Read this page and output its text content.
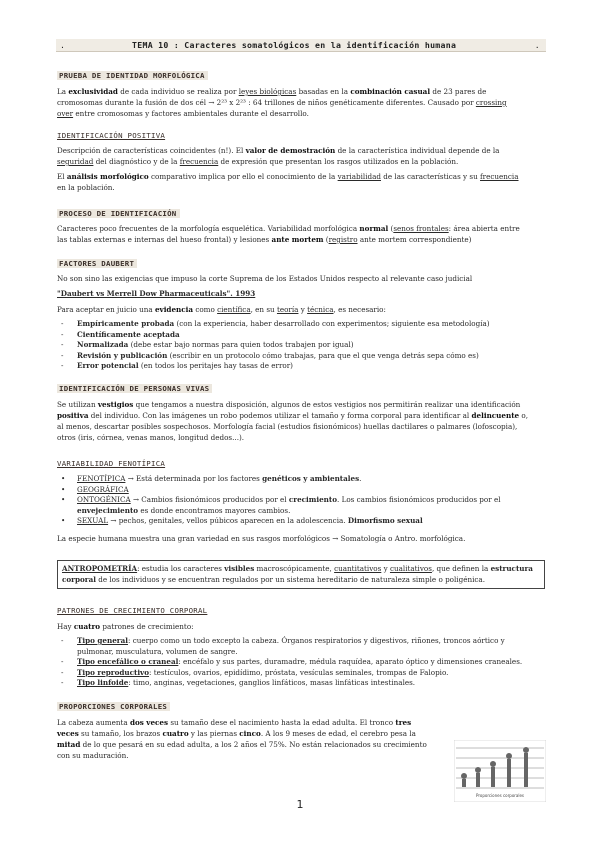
.	TEMA 10 : Caracteres somatológicos en la identificación humana	.
PRUEBA DE IDENTIDAD MORFOLÓGICA
La exclusividad de cada individuo se realiza por leyes biológicas basadas en la combinación casual de 23 pares de
cromosomas durante la fusión de dos cél → 2²³ x 2²³ : 64 trillones de niños genéticamente diferentes. Causado por crossing
over entre cromosomas y factores ambientales durante el desarrollo.
IDENTIFICACIÓN POSITIVA
Descripción de características coincidentes (n!). El valor de demostración de la característica individual depende de la
seguridad del diagnóstico y de la frecuencia de expresión que presentan los rasgos utilizados en la población.
El análisis morfológico comparativo implica por ello el conocimiento de la variabilidad de las características y su frecuencia
en la población.
PROCESO DE IDENTIFICACIÓN
Caracteres poco frecuentes de la morfología esquelética. Variabilidad morfológica normal (senos frontales: área abierta entre
las tablas externas e internas del hueso frontal) y lesiones ante mortem (registro ante mortem correspondiente)
FACTORES DAUBERT
No son sino las exigencias que impuso la corte Suprema de los Estados Unidos respecto al relevante caso judicial
"Daubert vs Merrell Dow Pharmaceuticals". 1993
Para aceptar en juicio una evidencia como científica, en su teoría y técnica, es necesario:
- Empíricamente probada (con la experiencia, haber desarrollado con experimentos; siguiente esa metodología)
- Científicamente aceptada
- Normalizada (debe estar bajo normas para quien todos trabajen por igual)
- Revisión y publicación (escribir en un protocolo cómo trabajas, para que el que venga detrás sepa cómo es)
- Error potencial (en todos los peritajes hay tasas de error)
IDENTIFICACIÓN DE PERSONAS VIVAS
Se utilizan vestigios que tengamos a nuestra disposición, algunos de estos vestigios nos permitirán realizar una identificación
positiva del individuo. Con las imágenes un robo podemos utilizar el tamaño y forma corporal para identificar al delincuente o,
al menos, descartar posibles sospechosos. Morfología facial (estudios fisionómicos) huellas dactilares o palmares (lofoscopia),
otros (iris, córnea, venas manos, longitud dedos...).
VARIABILIDAD FENOTÍPICA
• FENOTÍPICA → Está determinada por los factores genéticos y ambientales.
• GEOGRÁFICA
• ONTOGÉNICA → Cambios fisionómicos producidos por el crecimiento. Los cambios fisionómicos producidos por el
envejecimiento es donde encontramos mayores cambios.
• SEXUAL → pechos, genitales, vellos púbicos aparecen en la adolescencia. Dimorfismo sexual
La especie humana muestra una gran variedad en sus rasgos morfológicos → Somatología o Antro. morfológica.
ANTROPOMETRÍA: estudia los caracteres visibles macroscópicamente, cuantitativos y cualitativos, que definen la estructura corporal de los individuos y se encuentran regulados por un sistema hereditario de naturaleza simple o poligénica.
PATRONES DE CRECIMIENTO CORPORAL
Hay cuatro patrones de crecimiento:
- Tipo general: cuerpo como un todo excepto la cabeza. Órganos respiratorios y digestivos, riñones, troncos aórtico y
pulmonar, musculatura, volumen de sangre.
- Tipo encefálico o craneal: encéfalo y sus partes, duramadre, médula raquídea, aparato óptico y dimensiones craneales.
- Tipo reproductivo: testículos, ovarios, epidídimo, próstata, vesículas seminales, trompas de Falopio.
- Tipo linfoide: timo, anginas, vegetaciones, ganglios linfáticos, masas linfáticas intestinales.
PROPORCIONES CORPORALES
La cabeza aumenta dos veces su tamaño dese el nacimiento hasta la edad adulta. El tronco tres
veces su tamaño, los brazos cuatro y las piernas cinco. A los 9 meses de edad, el cerebro pesa la
mitad de lo que pesará en su edad adulta, a los 2 años el 75%. No están relacionados su crecimiento
con su maduración.
Proporciones corporales
1
